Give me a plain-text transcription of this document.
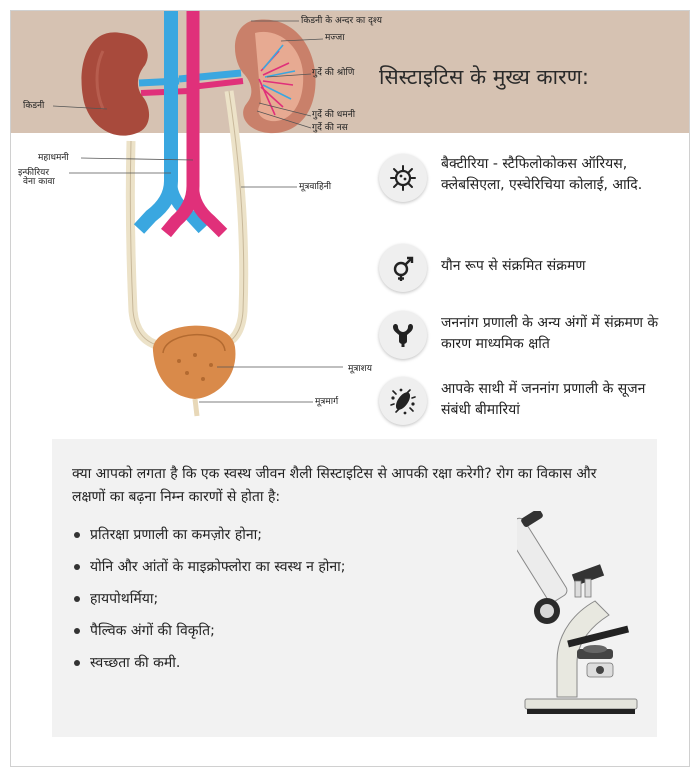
किडनी के अन्दर का दृश्य
मज्जा
गुर्दे की श्रोणि
किडनी
गुर्दे की धमनी
गुर्दे की नस
महाधमनी
इन्फीरियर
वेना कावा	मूत्रवाहिनी
मूत्राशय
मूत्रमार्ग
सिस्टाइटिस के मुख्य कारण:
बैक्टीरिया - स्टैफिलोकोकस ऑरियस, क्लेबसिएला, एस्चेरिचिया कोलाई, आदि.
यौन रूप से संक्रमित संक्रमण
जननांग प्रणाली के अन्य अंगों में संक्रमण के कारण माध्यमिक क्षति
आपके साथी में जननांग प्रणाली के सूजन संबंधी बीमारियां
क्या आपको लगता है कि एक स्वस्थ जीवन शैली सिस्टाइटिस से आपकी रक्षा करेगी? रोग का विकास और लक्षणों का बढ़ना निम्न कारणों से होता है:
प्रतिरक्षा प्रणाली का कमज़ोर होना;
योनि और आंतों के माइक्रोफ्लोरा का स्वस्थ न होना;
हायपोथर्मिया;
पैल्विक अंगों की विकृति;
स्वच्छता की कमी.
